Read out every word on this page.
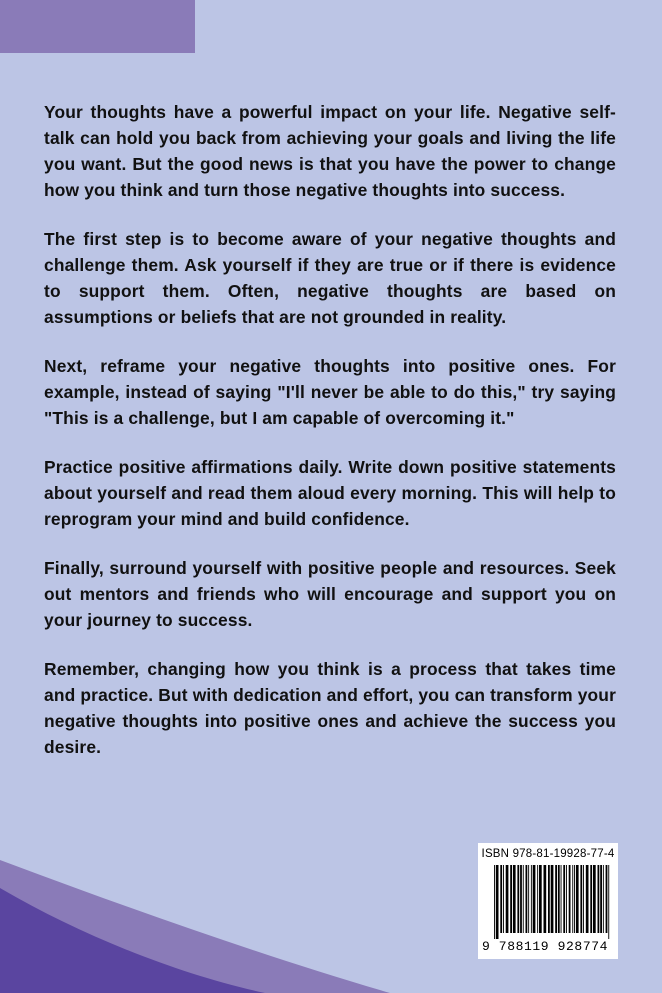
Your thoughts have a powerful impact on your life. Negative self-talk can hold you back from achieving your goals and living the life you want. But the good news is that you have the power to change how you think and turn those negative thoughts into success.

The first step is to become aware of your negative thoughts and challenge them. Ask yourself if they are true or if there is evidence to support them. Often, negative thoughts are based on assumptions or beliefs that are not grounded in reality.

Next, reframe your negative thoughts into positive ones. For example, instead of saying "I'll never be able to do this," try saying "This is a challenge, but I am capable of overcoming it."

Practice positive affirmations daily. Write down positive statements about yourself and read them aloud every morning. This will help to reprogram your mind and build confidence.

Finally, surround yourself with positive people and resources. Seek out mentors and friends who will encourage and support you on your journey to success.

Remember, changing how you think is a process that takes time and practice. But with dedication and effort, you can transform your negative thoughts into positive ones and achieve the success you desire.

ISBN 978-81-19928-77-4
9 788119 928774
